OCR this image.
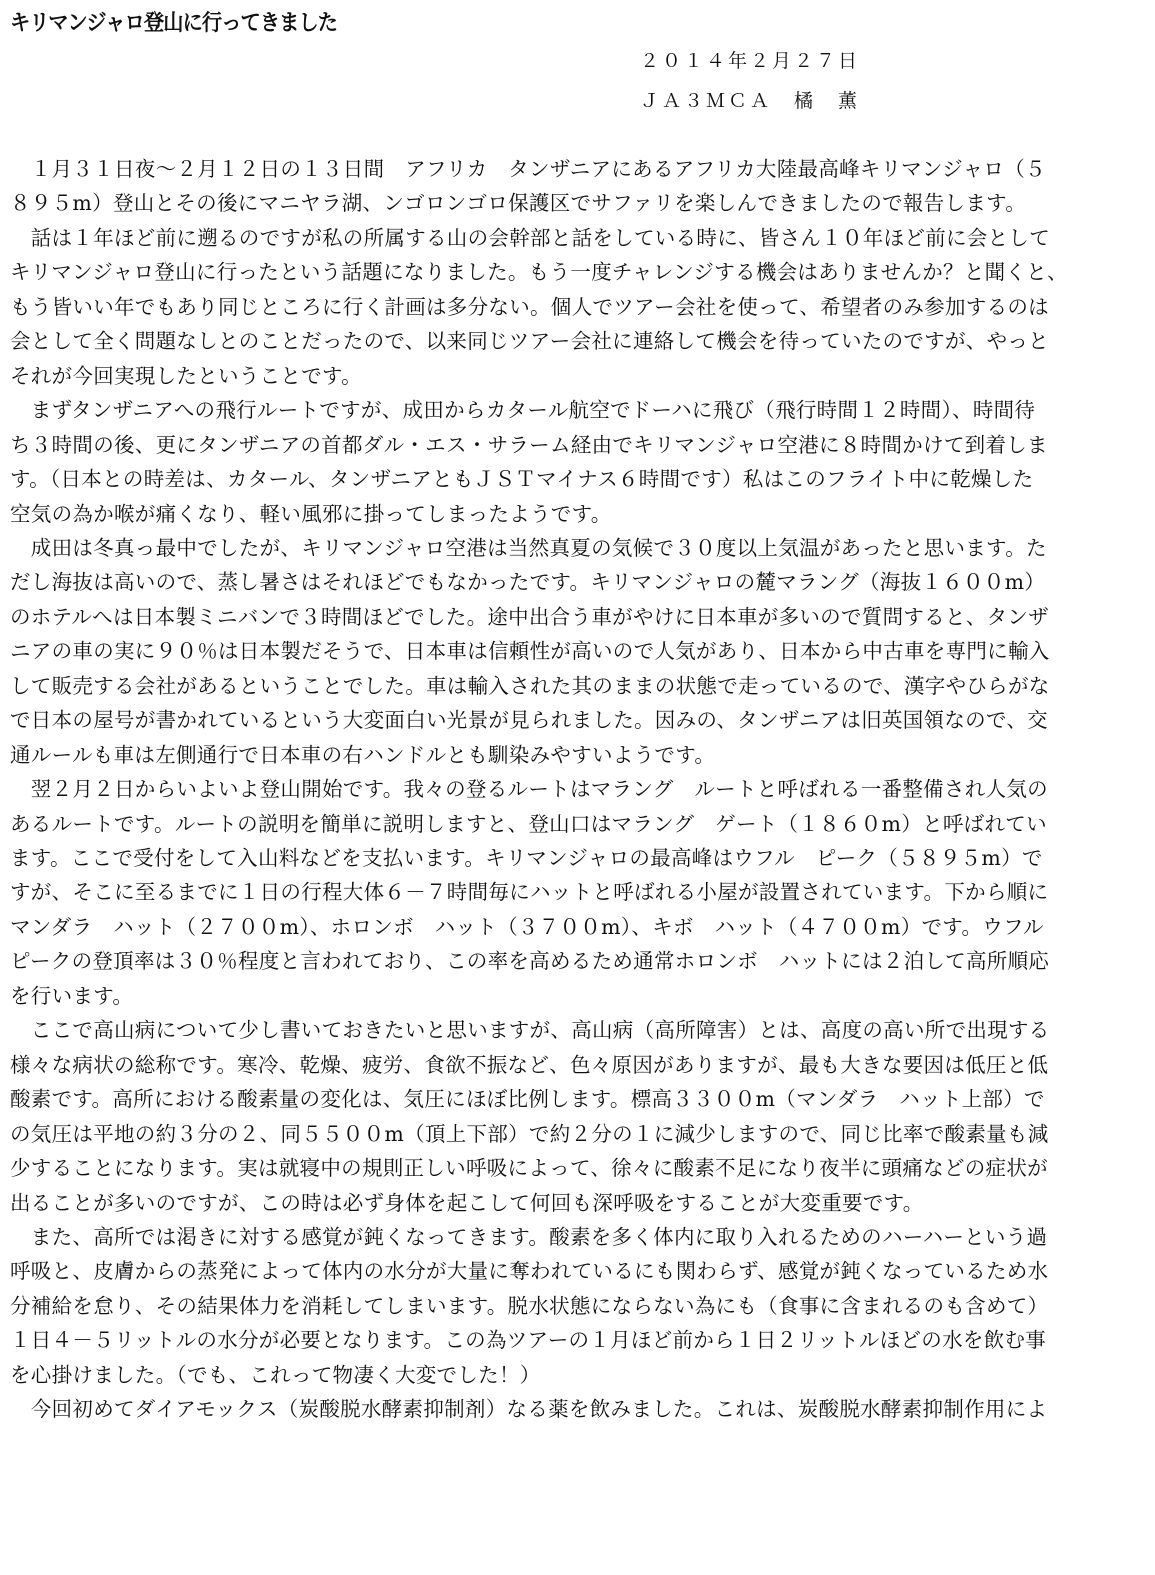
キリマンジャロ登山に行ってきました
２０１４年２月２７日
ＪＡ３ＭＣＡ　橘　薫
　１月３１日夜～２月１２日の１３日間　アフリカ　タンザニアにあるアフリカ大陸最高峰キリマンジャロ（５
８９５m）登山とその後にマニヤラ湖、ンゴロンゴロ保護区でサファリを楽しんできましたので報告します。
　話は１年ほど前に遡るのですが私の所属する山の会幹部と話をしている時に、皆さん１０年ほど前に会として
キリマンジャロ登山に行ったという話題になりました。もう一度チャレンジする機会はありませんか？と聞くと、
もう皆いい年でもあり同じところに行く計画は多分ない。個人でツアー会社を使って、希望者のみ参加するのは
会として全く問題なしとのことだったので、以来同じツアー会社に連絡して機会を待っていたのですが、やっと
それが今回実現したということです。
　まずタンザニアへの飛行ルートですが、成田からカタール航空でドーハに飛び（飛行時間１２時間）、時間待
ち３時間の後、更にタンザニアの首都ダル・エス・サラーム経由でキリマンジャロ空港に８時間かけて到着しま
す。（日本との時差は、カタール、タンザニアともＪＳＴマイナス６時間です）私はこのフライト中に乾燥した
空気の為か喉が痛くなり、軽い風邪に掛ってしまったようです。
　成田は冬真っ最中でしたが、キリマンジャロ空港は当然真夏の気候で３０度以上気温があったと思います。た
だし海抜は高いので、蒸し暑さはそれほどでもなかったです。キリマンジャロの麓マラング（海抜１６００m）
のホテルへは日本製ミニバンで３時間ほどでした。途中出合う車がやけに日本車が多いので質問すると、タンザ
ニアの車の実に９０％は日本製だそうで、日本車は信頼性が高いので人気があり、日本から中古車を専門に輸入
して販売する会社があるということでした。車は輸入された其のままの状態で走っているので、漢字やひらがな
で日本の屋号が書かれているという大変面白い光景が見られました。因みの、タンザニアは旧英国領なので、交
通ルールも車は左側通行で日本車の右ハンドルとも馴染みやすいようです。
　翌２月２日からいよいよ登山開始です。我々の登るルートはマラング　ルートと呼ばれる一番整備され人気の
あるルートです。ルートの説明を簡単に説明しますと、登山口はマラング　ゲート（１８６０m）と呼ばれてい
ます。ここで受付をして入山料などを支払います。キリマンジャロの最高峰はウフル　ピーク（５８９５m）で
すが、そこに至るまでに１日の行程大体６－７時間毎にハットと呼ばれる小屋が設置されています。下から順に
マンダラ　ハット（２７００m）、ホロンボ　ハット（３７００m）、キボ　ハット（４７００m）です。ウフル
ピークの登頂率は３０％程度と言われており、この率を高めるため通常ホロンボ　ハットには２泊して高所順応
を行います。
　ここで高山病について少し書いておきたいと思いますが、高山病（高所障害）とは、高度の高い所で出現する
様々な病状の総称です。寒冷、乾燥、疲労、食欲不振など、色々原因がありますが、最も大きな要因は低圧と低
酸素です。高所における酸素量の変化は、気圧にほぼ比例します。標高３３００m（マンダラ　ハット上部）で
の気圧は平地の約３分の２、同５５００m（頂上下部）で約２分の１に減少しますので、同じ比率で酸素量も減
少することになります。実は就寝中の規則正しい呼吸によって、徐々に酸素不足になり夜半に頭痛などの症状が
出ることが多いのですが、この時は必ず身体を起こして何回も深呼吸をすることが大変重要です。
　また、高所では渇きに対する感覚が鈍くなってきます。酸素を多く体内に取り入れるためのハーハーという過
呼吸と、皮膚からの蒸発によって体内の水分が大量に奪われているにも関わらず、感覚が鈍くなっているため水
分補給を怠り、その結果体力を消耗してしまいます。脱水状態にならない為にも（食事に含まれるのも含めて）
１日４－５リットルの水分が必要となります。この為ツアーの１月ほど前から１日２リットルほどの水を飲む事
を心掛けました。（でも、これって物凄く大変でした！）
　今回初めてダイアモックス（炭酸脱水酵素抑制剤）なる薬を飲みました。これは、炭酸脱水酵素抑制作用によ
